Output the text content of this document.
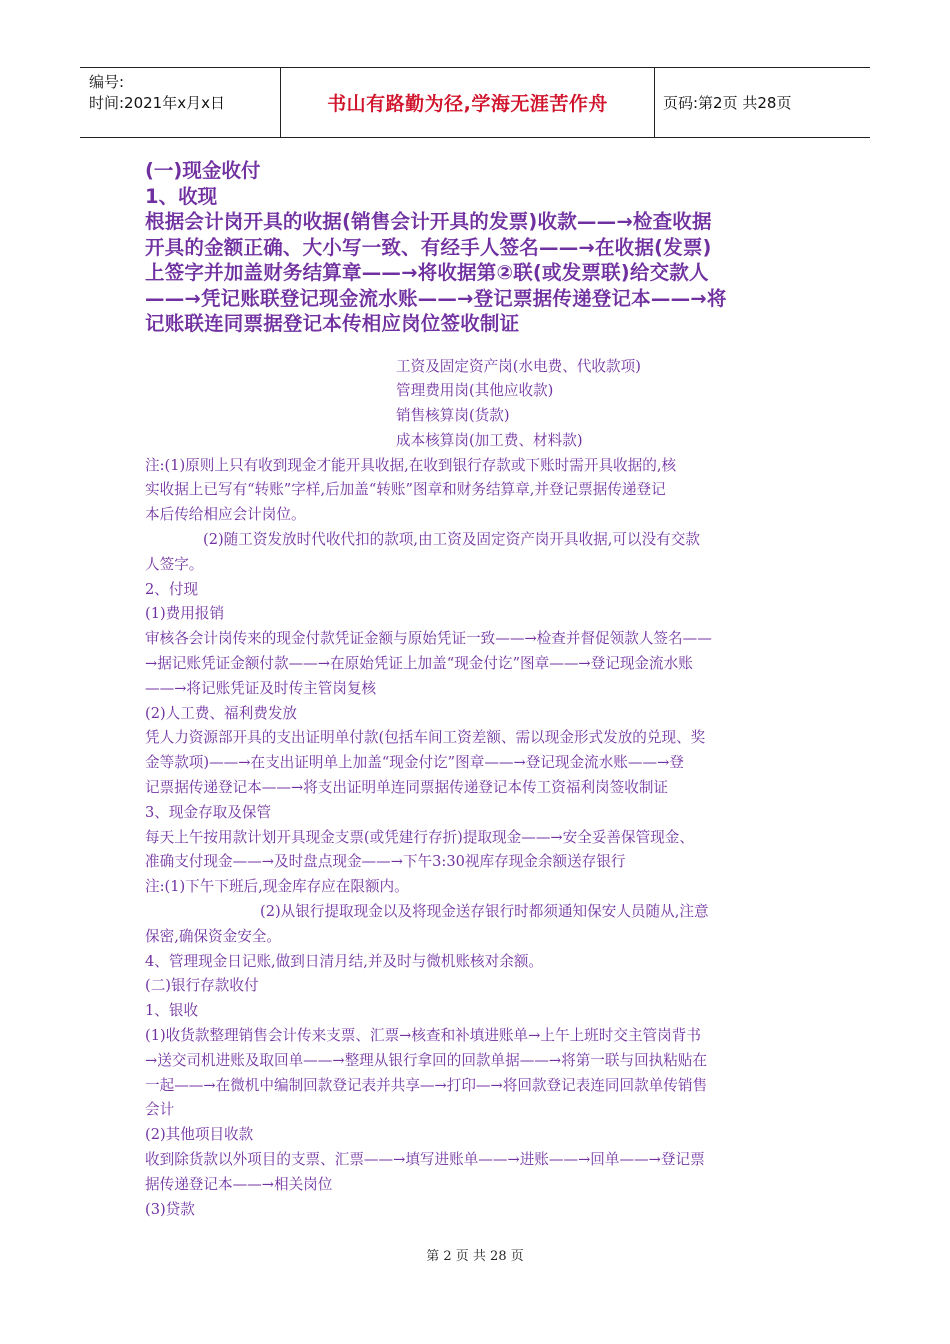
编号:
时间:2021年x月x日	书山有路勤为径,学海无涯苦作舟	页码:第2页 共28页

(一)现金收付

1、收现

根据会计岗开具的收据(销售会计开具的发票)收款——→检查收据

开具的金额正确、大小写一致、有经手人签名——→在收据(发票)

上签字并加盖财务结算章——→将收据第②联(或发票联)给交款人

——→凭记账联登记现金流水账——→登记票据传递登记本——→将

记账联连同票据登记本传相应岗位签收制证

工资及固定资产岗(水电费、代收款项)

管理费用岗(其他应收款)

销售核算岗(货款)

成本核算岗(加工费、材料款)

注:(1)原则上只有收到现金才能开具收据,在收到银行存款或下账时需开具收据的,核

实收据上已写有“转账”字样,后加盖“转账”图章和财务结算章,并登记票据传递登记

本后传给相应会计岗位。

(2)随工资发放时代收代扣的款项,由工资及固定资产岗开具收据,可以没有交款

人签字。

2、付现

(1)费用报销

审核各会计岗传来的现金付款凭证金额与原始凭证一致——→检查并督促领款人签名——

→据记账凭证金额付款——→在原始凭证上加盖“现金付讫”图章——→登记现金流水账

——→将记账凭证及时传主管岗复核

(2)人工费、福利费发放

凭人力资源部开具的支出证明单付款(包括车间工资差额、需以现金形式发放的兑现、奖

金等款项)——→在支出证明单上加盖“现金付讫”图章——→登记现金流水账——→登

记票据传递登记本——→将支出证明单连同票据传递登记本传工资福利岗签收制证

3、现金存取及保管

每天上午按用款计划开具现金支票(或凭建行存折)提取现金——→安全妥善保管现金、

准确支付现金——→及时盘点现金——→下午3:30视库存现金余额送存银行

注:(1)下午下班后,现金库存应在限额内。

(2)从银行提取现金以及将现金送存银行时都须通知保安人员随从,注意

保密,确保资金安全。

4、管理现金日记账,做到日清月结,并及时与微机账核对余额。

(二)银行存款收付

1、银收

(1)收货款整理销售会计传来支票、汇票→核查和补填进账单→上午上班时交主管岗背书

→送交司机进账及取回单——→整理从银行拿回的回款单据——→将第一联与回执粘贴在

一起——→在微机中编制回款登记表并共享—→打印—→将回款登记表连同回款单传销售

会计

(2)其他项目收款

收到除货款以外项目的支票、汇票——→填写进账单——→进账——→回单——→登记票

据传递登记本——→相关岗位

(3)贷款

第 2 页 共 28 页
